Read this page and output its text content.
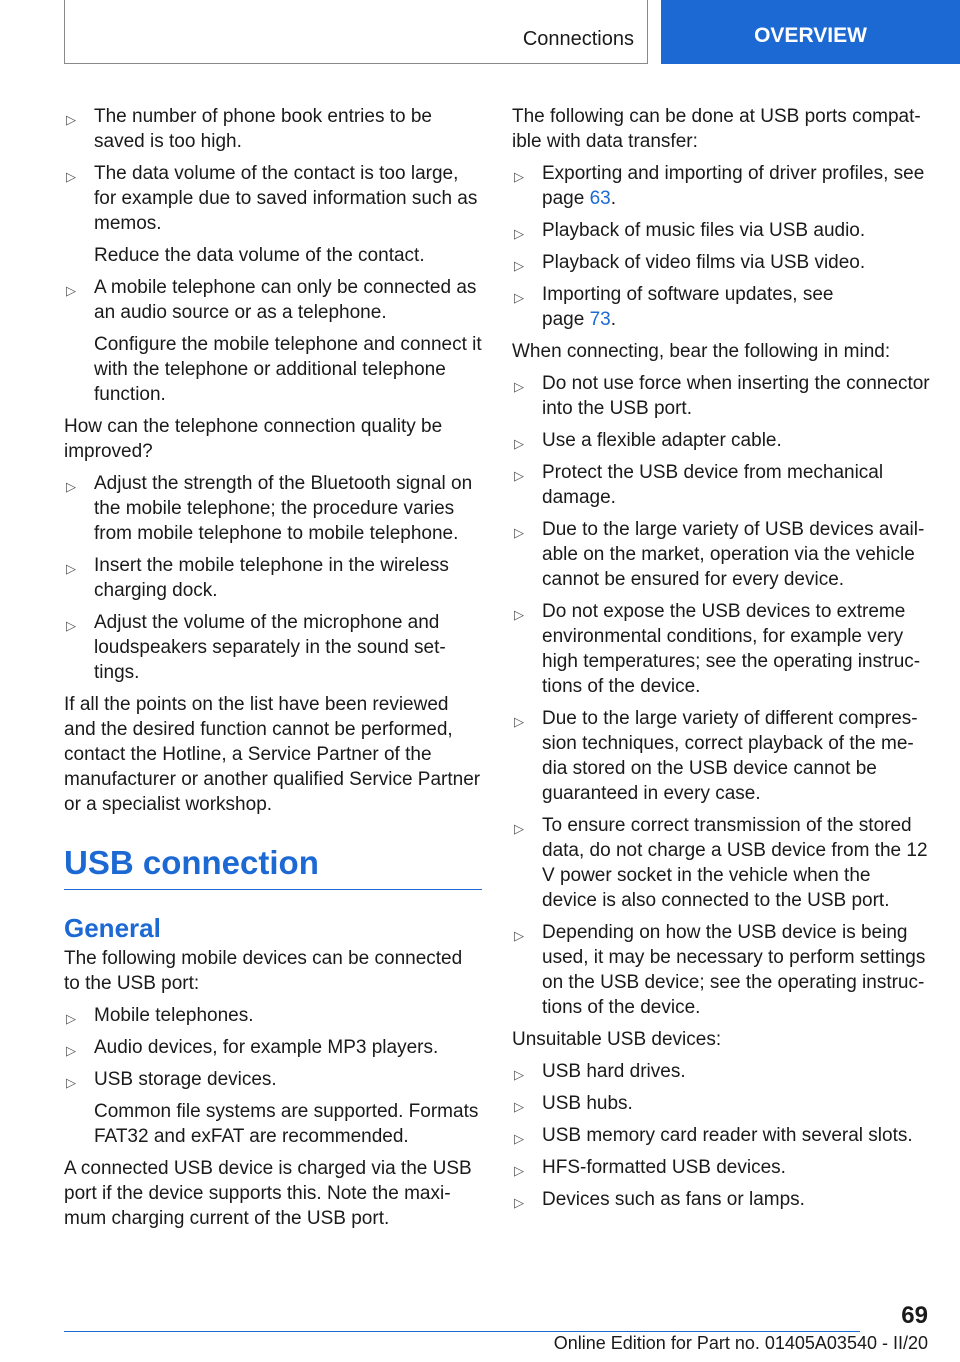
Connections	OVERVIEW
▷ The number of phone book entries to be saved is too high.
▷ The data volume of the contact is too large, for example due to saved information such as memos.
Reduce the data volume of the contact.
▷ A mobile telephone can only be connected as an audio source or as a telephone.
Configure the mobile telephone and connect it with the telephone or additional telephone function.
How can the telephone connection quality be improved?
▷ Adjust the strength of the Bluetooth signal on the mobile telephone; the procedure varies from mobile telephone to mobile telephone.
▷ Insert the mobile telephone in the wireless charging dock.
▷ Adjust the volume of the microphone and loudspeakers separately in the sound settings.
If all the points on the list have been reviewed and the desired function cannot be performed, contact the Hotline, a Service Partner of the manufacturer or another qualified Service Partner or a specialist workshop.
USB connection
General
The following mobile devices can be connected to the USB port:
▷ Mobile telephones.
▷ Audio devices, for example MP3 players.
▷ USB storage devices.
Common file systems are supported. Formats FAT32 and exFAT are recommended.
A connected USB device is charged via the USB port if the device supports this. Note the maximum charging current of the USB port.
The following can be done at USB ports compatible with data transfer:
▷ Exporting and importing of driver profiles, see page 63.
▷ Playback of music files via USB audio.
▷ Playback of video films via USB video.
▷ Importing of software updates, see
page 73.
When connecting, bear the following in mind:
▷ Do not use force when inserting the connector into the USB port.
▷ Use a flexible adapter cable.
▷ Protect the USB device from mechanical damage.
▷ Due to the large variety of USB devices available on the market, operation via the vehicle cannot be ensured for every device.
▷ Do not expose the USB devices to extreme environmental conditions, for example very high temperatures; see the operating instructions of the device.
▷ Due to the large variety of different compression techniques, correct playback of the media stored on the USB device cannot be guaranteed in every case.
▷ To ensure correct transmission of the stored data, do not charge a USB device from the 12 V power socket in the vehicle when the device is also connected to the USB port.
▷ Depending on how the USB device is being used, it may be necessary to perform settings on the USB device; see the operating instructions of the device.
Unsuitable USB devices:
▷ USB hard drives.
▷ USB hubs.
▷ USB memory card reader with several slots.
▷ HFS-formatted USB devices.
▷ Devices such as fans or lamps.
69
Online Edition for Part no. 01405A03540 - II/20
